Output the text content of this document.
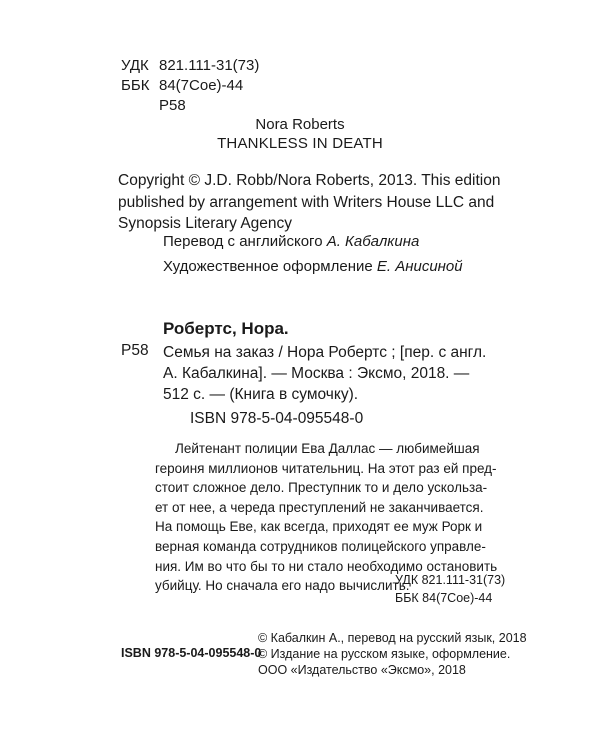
УДК 821.111-31(73)
ББК 84(7Сое)-44
Р58
Nora Roberts
THANKLESS IN DEATH
Copyright © J.D. Robb/Nora Roberts, 2013. This edition
published by arrangement with Writers House LLC and
Synopsis Literary Agency
Перевод с английского А. Кабалкина
Художественное оформление Е. Анисиной
Робертс, Нора.
Р58 Семья на заказ / Нора Робертс ; [пер. с англ.
А. Кабалкина]. — Москва : Эксмо, 2018. —
512 с. — (Книга в сумочку).
ISBN 978-5-04-095548-0
Лейтенант полиции Ева Даллас — любимейшая
героиня миллионов читательниц. На этот раз ей пред-
стоит сложное дело. Преступник то и дело ускольза-
ет от нее, а череда преступлений не заканчивается.
На помощь Еве, как всегда, приходят ее муж Рорк и
верная команда сотрудников полицейского управле-
ния. Им во что бы то ни стало необходимо остановить
убийцу. Но сначала его надо вычислить.
УДК 821.111-31(73)
ББК 84(7Сое)-44
ISBN 978-5-04-095548-0
© Кабалкин А., перевод на русский язык, 2018
© Издание на русском языке, оформление.
ООО «Издательство «Эксмо», 2018
